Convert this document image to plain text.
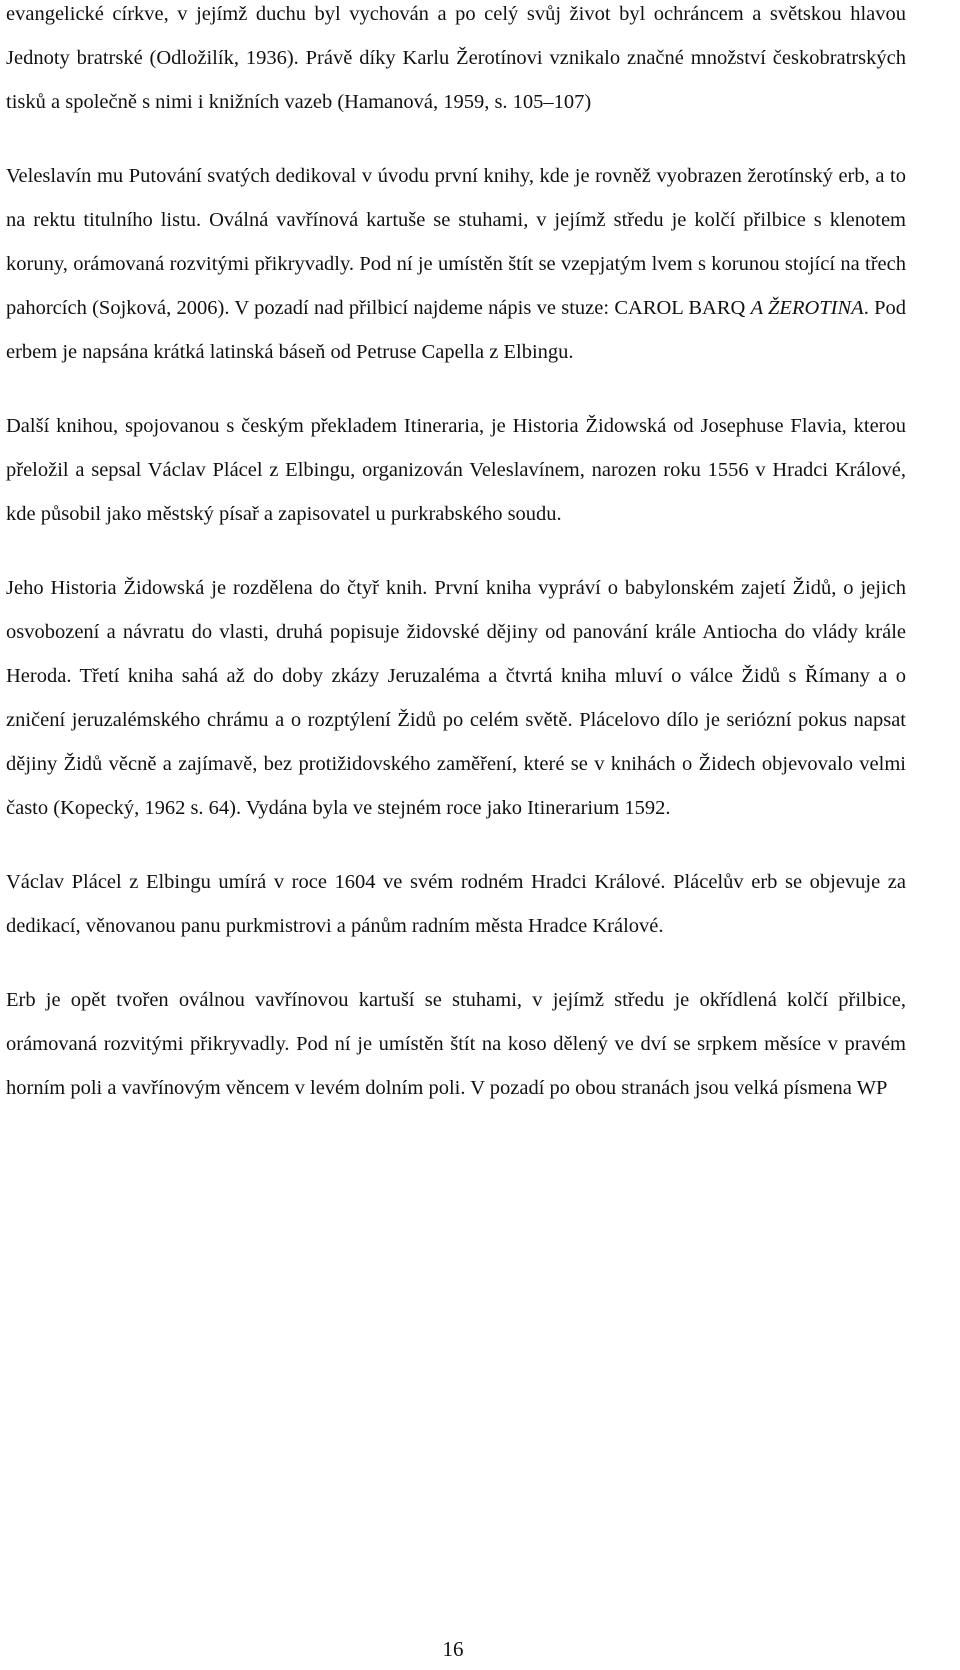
evangelické církve, v jejímž duchu byl vychován a po celý svůj život byl ochráncem a světskou hlavou Jednoty bratrské (Odložilík, 1936). Právě díky Karlu Žerotínovi vznikalo značné množství českobratrských tisků a společně s nimi i knižních vazeb (Hamanová, 1959, s. 105–107)

Veleslavín mu Putování svatých dedikoval v úvodu první knihy, kde je rovněž vyobrazen žerotínský erb, a to na rektu titulního listu. Oválná vavřínová kartuše se stuhami, v jejímž středu je kolčí přilbice s klenotem koruny, orámovaná rozvitými přikryvadly. Pod ní je umístěn štít se vzepjatým lvem s korunou stojící na třech pahorcích (Sojková, 2006). V pozadí nad přilbicí najdeme nápis ve stuze: CAROL BARQ A ŽEROTINA. Pod erbem je napsána krátká latinská báseň od Petruse Capella z Elbingu.

Další knihou, spojovanou s českým překladem Itineraria, je Historia Židowská od Josephuse Flavia, kterou přeložil a sepsal Václav Plácel z Elbingu, organizován Veleslavínem, narozen roku 1556 v Hradci Králové, kde působil jako městský písař a zapisovatel u purkrabského soudu.

Jeho Historia Židowská je rozdělena do čtyř knih. První kniha vypráví o babylonském zajetí Židů, o jejich osvobození a návratu do vlasti, druhá popisuje židovské dějiny od panování krále Antiocha do vlády krále Heroda. Třetí kniha sahá až do doby zkázy Jeruzaléma a čtvrtá kniha mluví o válce Židů s Římany a o zničení jeruzalémského chrámu a o rozptýlení Židů po celém světě. Plácelovo dílo je seriózní pokus napsat dějiny Židů věcně a zajímavě, bez protižidovského zaměření, které se v knihách o Židech objevovalo velmi často (Kopecký, 1962 s. 64). Vydána byla ve stejném roce jako Itinerarium 1592.

Václav Plácel z Elbingu umírá v roce 1604 ve svém rodném Hradci Králové. Plácelův erb se objevuje za dedikací, věnovanou panu purkmistrovi a pánům radním města Hradce Králové.

Erb je opět tvořen oválnou vavřínovou kartuší se stuhami, v jejímž středu je okřídlená kolčí přilbice, orámovaná rozvitými přikryvadly. Pod ní je umístěn štít na koso dělený ve dví se srpkem měsíce v pravém horním poli a vavřínovým věncem v levém dolním poli. V pozadí po obou stranách jsou velká písmena WP

16
